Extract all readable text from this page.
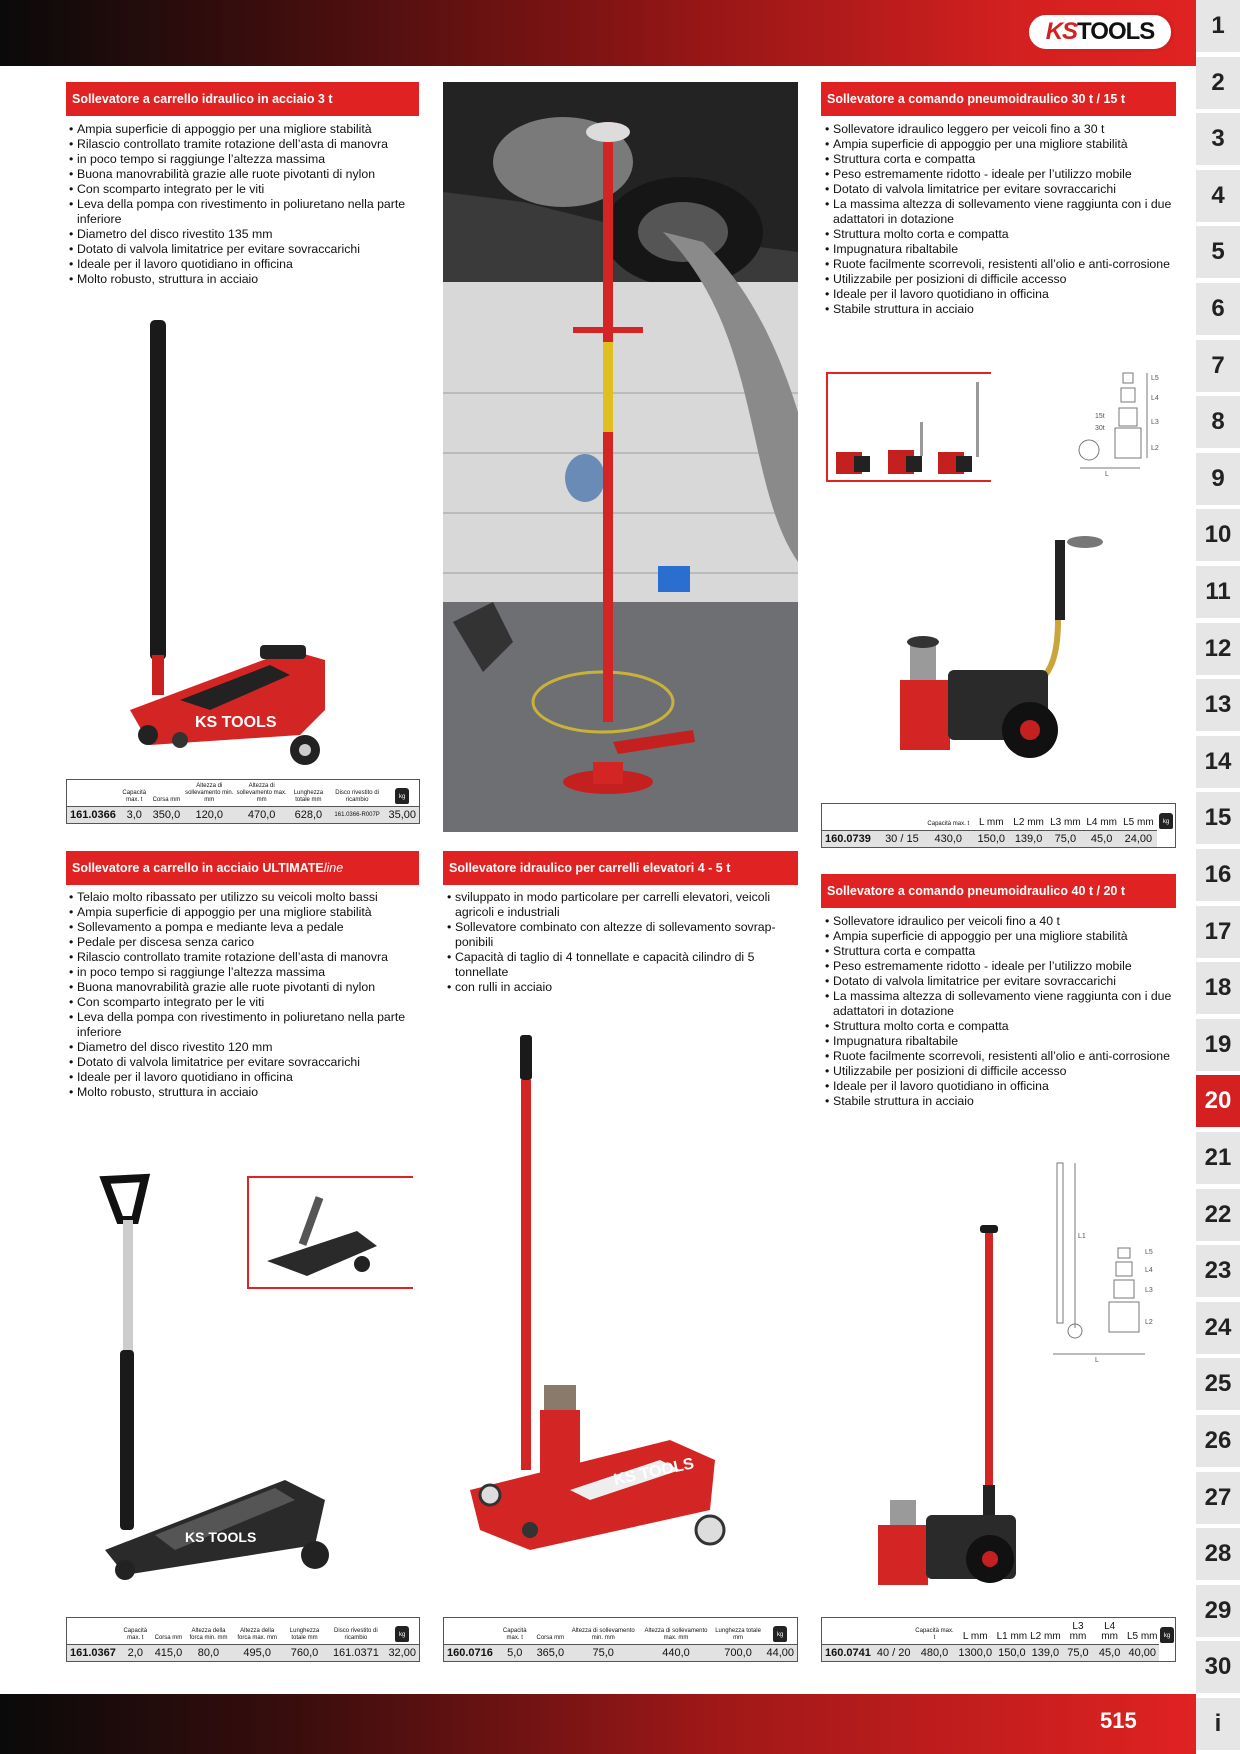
KS TOOLS	1
2
3
4
5
6
7
8
9
10
11
12
13
14
15
16
17
18
19
20
21
22
23
24
25
26
27
28
29
30
i
Sollevatore a carrello idraulico in acciaio 3 t
• Ampia superficie di appoggio per una migliore stabilità
• Rilascio controllato tramite rotazione dell’asta di manovra
• in poco tempo si raggiunge l’altezza massima
• Buona manovrabilità grazie alle ruote pivotanti di nylon
• Con scomparto integrato per le viti
• Leva della pompa con rivestimento in poliuretano nella parte inferiore
• Diametro del disco rivestito 135 mm
• Dotato di valvola limitatrice per evitare sovraccarichi
• Ideale per il lavoro quotidiano in officina
• Molto robusto, struttura in acciaio
KS TOOLS
	Capacità max. t	Corsa mm	Altezza di sollevamento min. mm	Altezza di sollevamento max. mm	Lunghezza totale mm	Disco rivestito di ricambio	kg
161.0366	3,0	350,0	120,0	470,0	628,0	161.0366-R007P	35,00
Sollevatore a comando pneumoidraulico 30 t / 15 t
• Sollevatore idraulico leggero per veicoli fino a 30 t
• Ampia superficie di appoggio per una migliore stabilità
• Struttura corta e compatta
• Peso estremamente ridotto - ideale per l’utilizzo mobile
• Dotato di valvola limitatrice per evitare sovraccarichi
• La massima altezza di sollevamento viene raggiunta con i due adattatori in dotazione
• Struttura molto corta e compatta
• Impugnatura ribaltabile
• Ruote facilmente scorrevoli, resistenti all’olio e anti-corrosione
• Utilizzabile per posizioni di difficile accesso
• Ideale per il lavoro quotidiano in officina
• Stabile struttura in acciaio
L5
L4
L3
L2
L
15t
30t
		Capacità max. t	L mm	L2 mm	L3 mm	L4 mm	L5 mm	kg
160.0739	30 / 15	430,0	150,0	139,0	75,0	45,0	24,00	
Sollevatore a carrello in acciaio ULTIMATE line
• Telaio molto ribassato per utilizzo su veicoli molto bassi
• Ampia superficie di appoggio per una migliore stabilità
• Sollevamento a pompa e mediante leva a pedale
• Pedale per discesa senza carico
• Rilascio controllato tramite rotazione dell’asta di manovra
• in poco tempo si raggiunge l’altezza massima
• Buona manovrabilità grazie alle ruote pivotanti di nylon
• Con scomparto integrato per le viti
• Leva della pompa con rivestimento in poliuretano nella parte inferiore
• Diametro del disco rivestito 120 mm
• Dotato di valvola limitatrice per evitare sovraccarichi
• Ideale per il lavoro quotidiano in officina
• Molto robusto, struttura in acciaio
KS TOOLS
	Capacità max. t	Corsa mm	Altezza della forca min. mm	Altezza della forca max. mm	Lunghezza totale mm	Disco rivestito di ricambio	kg
161.0367	2,0	415,0	80,0	495,0	760,0	161.0371	32,00
Sollevatore idraulico per carrelli elevatori 4 - 5 t
• sviluppato in modo particolare per carrelli elevatori, veicoli agricoli e industriali
• Sollevatore combinato con altezze di sollevamento sovrap-ponibili
• Capacità di taglio di 4 tonnellate e capacità cilindro di 5 tonnellate
• con rulli in acciaio
KS TOOLS
	Capacità max. t	Corsa mm	Altezza di sollevamento min. mm	Altezza di sollevamento max. mm	Lunghezza totale mm	kg
160.0716	5,0	365,0	75,0	440,0	700,0	44,00
Sollevatore a comando pneumoidraulico 40 t / 20 t
• Sollevatore idraulico per veicoli fino a 40 t
• Ampia superficie di appoggio per una migliore stabilità
• Struttura corta e compatta
• Peso estremamente ridotto - ideale per l’utilizzo mobile
• Dotato di valvola limitatrice per evitare sovraccarichi
• La massima altezza di sollevamento viene raggiunta con i due adattatori in dotazione
• Struttura molto corta e compatta
• Impugnatura ribaltabile
• Ruote facilmente scorrevoli, resistenti all’olio e anti-corrosione
• Utilizzabile per posizioni di difficile accesso
• Ideale per il lavoro quotidiano in officina
• Stabile struttura in acciaio
L1
L
L5
L4
L3
L2
		Capacità max. t	L mm	L1 mm	L2 mm	L3 mm	L4 mm	L5 mm	kg
160.0741	40 / 20	480,0	1300,0	150,0	139,0	75,0	45,0	40,00	
515
